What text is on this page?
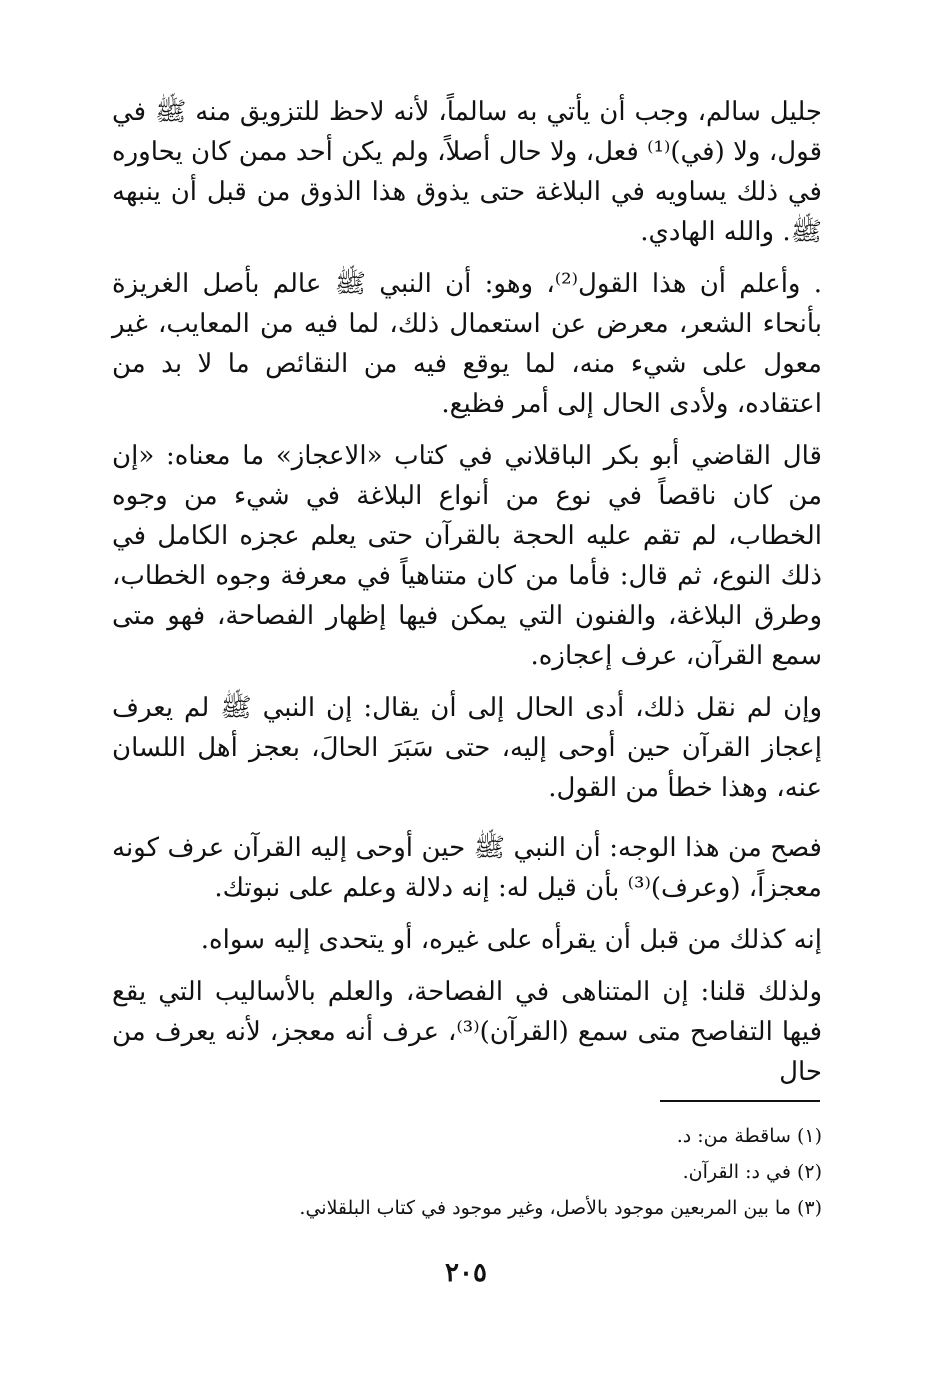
جليل سالم، وجب أن يأتي به سالماً، لأنه لاحظ للتزويق منه ﷺ في قول، ولا (في)⁽¹⁾ فعل، ولا حال أصلاً، ولم يكن أحد ممن كان يحاوره في ذلك يساويه في البلاغة حتى يذوق هذا الذوق من قبل أن ينبهه ﷺ. والله الهادي.

. وأعلم أن هذا القول⁽²⁾، وهو: أن النبي ﷺ عالم بأصل الغريزة بأنحاء الشعر، معرض عن استعمال ذلك، لما فيه من المعايب، غير معول على شيء منه، لما يوقع فيه من النقائص ما لا بد من اعتقاده، ولأدى الحال إلى أمر فظيع.

قال القاضي أبو بكر الباقلاني في كتاب «الاعجاز» ما معناه: «إن من كان ناقصاً في نوع من أنواع البلاغة في شيء من وجوه الخطاب، لم تقم عليه الحجة بالقرآن حتى يعلم عجزه الكامل في ذلك النوع، ثم قال: فأما من كان متناهياً في معرفة وجوه الخطاب، وطرق البلاغة، والفنون التي يمكن فيها إظهار الفصاحة، فهو متى سمع القرآن، عرف إعجازه.

وإن لم نقل ذلك، أدى الحال إلى أن يقال: إن النبي ﷺ لم يعرف إعجاز القرآن حين أوحى إليه، حتى سَبَرَ الحالَ، بعجز أهل اللسان عنه، وهذا خطأ من القول.

فصح من هذا الوجه: أن النبي ﷺ حين أوحى إليه القرآن عرف كونه معجزاً، (وعرف)⁽³⁾ بأن قيل له: إنه دلالة وعلم على نبوتك.

إنه كذلك من قبل أن يقرأه على غيره، أو يتحدى إليه سواه.

ولذلك قلنا: إن المتناهى في الفصاحة، والعلم بالأساليب التي يقع فيها التفاصح متى سمع (القرآن)⁽³⁾، عرف أنه معجز، لأنه يعرف من حال

(١) ساقطة من: د.

(٢) في د: القرآن.

(٣) ما بين المربعين موجود بالأصل، وغير موجود في كتاب البلقلاني.

٢٠٥
